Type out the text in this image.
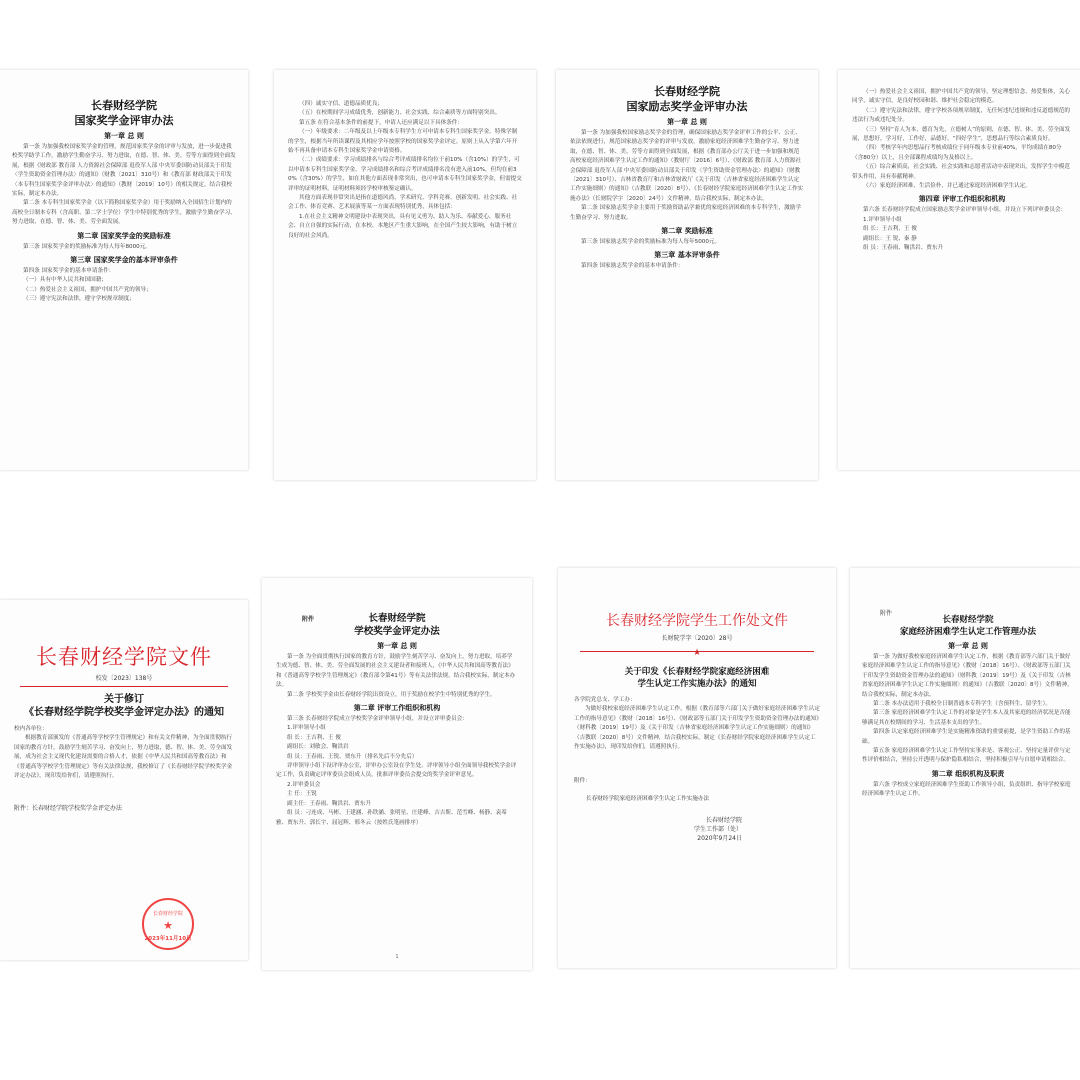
长春财经学院

国家奖学金评审办法

第一章 总 则

第一条 为加强我校国家奖学金的管理，规范国家奖学金的评审与发放，进一步促进我校奖学助学工作，激励学生勤奋学习、努力进取，在德、智、体、美、劳等方面得到全面发展，根据《财政部 教育部 人力资源社会保障部 退役军人部 中央军委国防动员部关于印发〈学生资助资金管理办法〉的通知》（财教〔2021〕310号）和《教育部 财政部关于印发〈本专科生国家奖学金评审办法〉的通知》（教财〔2019〕10号）的相关规定，结合我校实际，制定本办法。

第二条 本专科生国家奖学金（以下简称国家奖学金）用于奖励纳入全国招生计划内的高校全日制本专科（含高职、第二学士学位）学生中特别优秀的学生，激励学生勤奋学习、努力进取，在德、智、体、美、劳全面发展。

第二章 国家奖学金的奖励标准

第三条 国家奖学金的奖励标准为每人每年8000元。

第三章 国家奖学金的基本评审条件

第四条 国家奖学金的基本申请条件：

（一）具有中华人民共和国国籍；

（二）热爱社会主义祖国，拥护中国共产党的领导；

（三）遵守宪法和法律，遵守学校规章制度；

（四）诚实守信，道德品质优良；

（五）在校期间学习成绩优秀，创新能力、社会实践、综合素质等方面特别突出。

第五条 在符合基本条件的前提下，申请人还应满足以下具体条件：

（一）年级要求：二年级及以上年级本专科学生方可申请本专科生国家奖学金。特殊学制的学生，根据当年所读课程及其相应学年按照学校的国家奖学金评定。原则上从入学第六年开始不再具备申请本专科生国家奖学金申请资格。

（二）成绩要求：学习成绩排名与综合考评成绩排名均位于前10%（含10%）的学生，可以申请本专科生国家奖学金。学习成绩排名和综合考评成绩排名没有进入前10%，但均在前30%（含30%）的学生，如在其他方面表现非常突出，也可申请本专科生国家奖学金，但需提交评审的证明材料，证明材料须经学校审核鉴定确认。

其他方面表现非常突出是指在道德风尚、学术研究、学科竞赛、创新发明、社会实践、社会工作、体育竞赛、艺术展演等某一方面表现特别优秀，具体包括：

1.在社会主义精神文明建设中表现突出，具有见义勇为、助人为乐、奉献爱心、服务社会、自立自强的实际行动，在本校、本地区产生重大影响，在全国产生较大影响，有助于树立良好的社会风尚。

长春财经学院

国家励志奖学金评审办法

第一章 总 则

第一条 为加强我校国家励志奖学金的管理，确保国家励志奖学金评审工作的公平、公正、依法依规进行，规范国家励志奖学金的评审与发放，激励家庭经济困难学生勤奋学习、努力进取，在德、智、体、美、劳等方面得到全面发展，根据《教育部办公厅关于进一步加强和规范高校家庭经济困难学生认定工作的通知》（教财厅〔2016〕6号）、《财政部 教育部 人力资源社会保障部 退役军人部 中央军委国防动员部关于印发〈学生资助资金管理办法〉的通知》（财教〔2021〕310号）、吉林省教育厅和吉林省财政厅《关于印发〈吉林省家庭经济困难学生认定工作实施细则〉的通知》（吉教联〔2020〕8号）、《长春财经学院家庭经济困难学生认定工作实施办法》（长财院学字〔2020〕24号）文件精神，结合我校实际，制定本办法。

第二条 国家励志奖学金主要用于奖励资助品学兼优的家庭经济困难的本专科学生，激励学生勤奋学习、努力进取。

第二章 奖励标准

第三条 国家励志奖学金的奖励标准为每人每年5000元。

第三章 基本评审条件

第四条 国家励志奖学金的基本申请条件：

（一）热爱社会主义祖国，拥护中国共产党的领导，坚定理想信念，热爱集体，关心同学，诚实守信，是良好校园和谐、维护社会稳定的模范。

（二）遵守宪法和法律，遵守学校各项规章制度，无任何违纪违规和违反道德规范的违法行为或违纪处分。

（三）坚持“育人为本、德育为先，立德树人”的原则，在德、智、体、美、劳全面发展，思想好，学习好，工作好，品德好，“四好学生”，思想品行等综合素质良好。

（四）考核学年内思想品行考核成绩位于同年级本专业前40%，平均成绩在80分（含80分）以上，且全部课程成绩均为及格以上。

（五）综合素质高，社会实践、社会实践和志愿者活动中表现突出，发挥学生中模范带头作用，具有奉献精神。

（六）家庭经济困难，生活俭朴，并已通过家庭经济困难学生认定。

第四章 评审工作组织和机构

第六条 长春财经学院成立国家励志奖学金评审领导小组，并设立下列评审委员会：

1.评审领导小组

组 长：王吉利、王 俊

副组长：王 锐、秦 静

组 员：王春雨、鞠洪岩、贾东升

长春财经学院文件

校发〔2023〕138号

关于修订

《长春财经学院学校奖学金评定办法》的通知

校内各单位：

根据教育部颁发的《普通高等学校学生管理规定》和有关文件精神，为全面贯彻执行国家的教育方针，鼓励学生刻苦学习、奋发向上，努力进取，德、智、体、美、劳全面发展，成为社会主义现代化建设需要的合格人才，依据《中华人民共和国高等教育法》和《普通高等学校学生管理规定》等有关法律法规，我校修订了《长春财经学院学校奖学金评定办法》，现印发给你们，请遵照执行。

附件：长春财经学院学校奖学金评定办法

长春财经学院
★
2023年11月10日

附件	长春财经学院

学校奖学金评定办法

第一章 总 则

第一条 为全面贯彻执行国家的教育方针，鼓励学生刻苦学习、奋发向上，努力进取，培养学生成为德、智、体、美、劳全面发展的社会主义建设者和接班人，《中华人民共和国高等教育法》和《普通高等学校学生管理规定》（教育部令第41号）等有关法律法规，结合我校实际，制定本办法。

第二条 学校奖学金由长春财经学院出资设立，用于奖励在校学生中特别优秀的学生。

第二章 评审工作组织和机构

第三条 长春财经学院成立学校奖学金评审领导小组，并设立评审委员会：

1.评审领导小组

组 长：王吉利、王 俊

副组长：刘敏会、鞠洪岩

组 员：王春雨、王锐、贾东升（排名先后不分先后）

评审领导小组下设评审办公室，评审办公室设在学生处。评审领导小组全面领导我校奖学金评定工作，负责确定评审委员会组成人员，批准评审委员会提交的奖学金评审意见。

2.评审委员会

主 任：王锐

副主任：王春雨、鞠洪岩、贾东升

组 员：刁连成、马彬、王建涵、孙铁涵、张明星、庄建峰、吉吉斯、范雪峰、杨静、袁希雅、贾东升、郭长宇、屈冠辉、邢冬云（按姓氏笔画排序）

1

长春财经学院学生工作处文件

长财院学字〔2020〕28号

★

关于印发《长春财经学院家庭经济困难

学生认定工作实施办法》的通知

各学院党总支、学工办：

为做好我校家庭经济困难学生认定工作，根据《教育部等六部门关于做好家庭经济困难学生认定工作的指导意见》（教财〔2018〕16号）、《财政部等五部门关于印发学生资助资金管理办法的通知》（财科教〔2019〕19号）及《关于印发〈吉林省家庭经济困难学生认定工作实施细则〉的通知》（吉教联〔2020〕8号）文件精神，结合我校实际，制定《长春财经学院家庭经济困难学生认定工作实施办法》，现印发给你们，请遵照执行。

附件：

长春财经学院家庭经济困难学生认定工作实施办法

长春财经学院

学生工作部（处）

2020年9月24日

附件

长春财经学院

家庭经济困难学生认定工作管理办法

第一章 总 则

第一条 为做好我校家庭经济困难学生认定工作，根据《教育部等六部门关于做好家庭经济困难学生认定工作的指导意见》（教财〔2018〕16号）、《财政部等五部门关于印发学生资助资金管理办法的通知》（财科教〔2019〕19号）及《关于印发〈吉林省家庭经济困难学生认定工作实施细则〉的通知》（吉教联〔2020〕8号）文件精神，结合我校实际，制定本办法。

第二条 本办法适用于我校全日制普通本专科学生（含预科生、留学生）。

第三条 家庭经济困难学生认定工作的对象是学生本人及其家庭的经济状况是否能够满足其在校期间的学习、生活基本支出的学生。

第四条 认定家庭经济困难学生是实施精准资助的重要前提，是学生资助工作的基础。

第五条 家庭经济困难学生认定工作坚持实事求是、客观公正、坚持定量评价与定性评价相结合，坚持公开透明与保护隐私相结合，坚持积极引导与自愿申请相结合。

第二章 组织机构及职责

第六条 学校成立家庭经济困难学生资助工作领导小组，负责组织、指导学校家庭经济困难学生认定工作。
